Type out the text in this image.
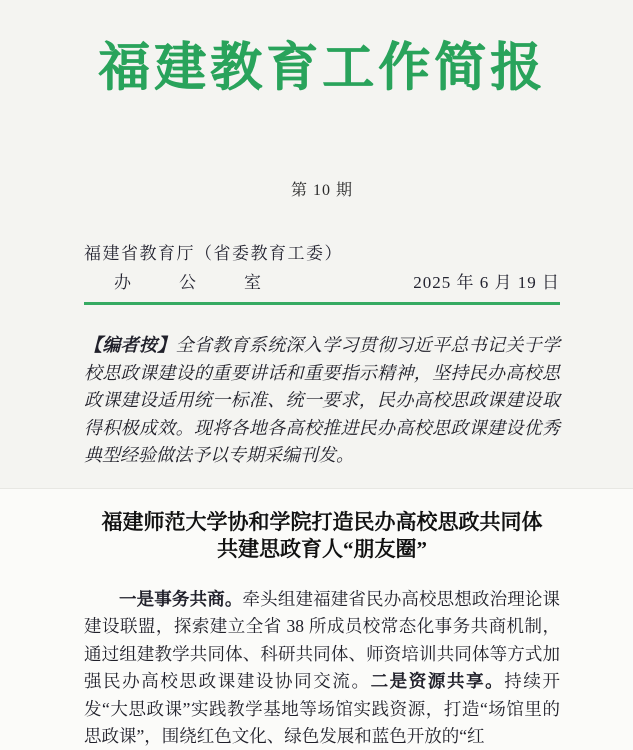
福建教育工作简报
第 10 期
福建省教育厅（省委教育工委）
办公室	2025 年 6 月 19 日

【编者按】全省教育系统深入学习贯彻习近平总书记关于学校思政课建设的重要讲话和重要指示精神，坚持民办高校思政课建设适用统一标准、统一要求，民办高校思政课建设取得积极成效。现将各地各高校推进民办高校思政课建设优秀典型经验做法予以专期采编刊发。

福建师范大学协和学院打造民办高校思政共同体
共建思政育人“朋友圈”

一是事务共商。牵头组建福建省民办高校思想政治理论课建设联盟，探索建立全省 38 所成员校常态化事务共商机制，通过组建教学共同体、科研共同体、师资培训共同体等方式加强民办高校思政课建设协同交流。二是资源共享。持续开发“大思政课”实践教学基地等场馆实践资源，打造“场馆里的思政课”，围绕红色文化、绿色发展和蓝色开放的“红
